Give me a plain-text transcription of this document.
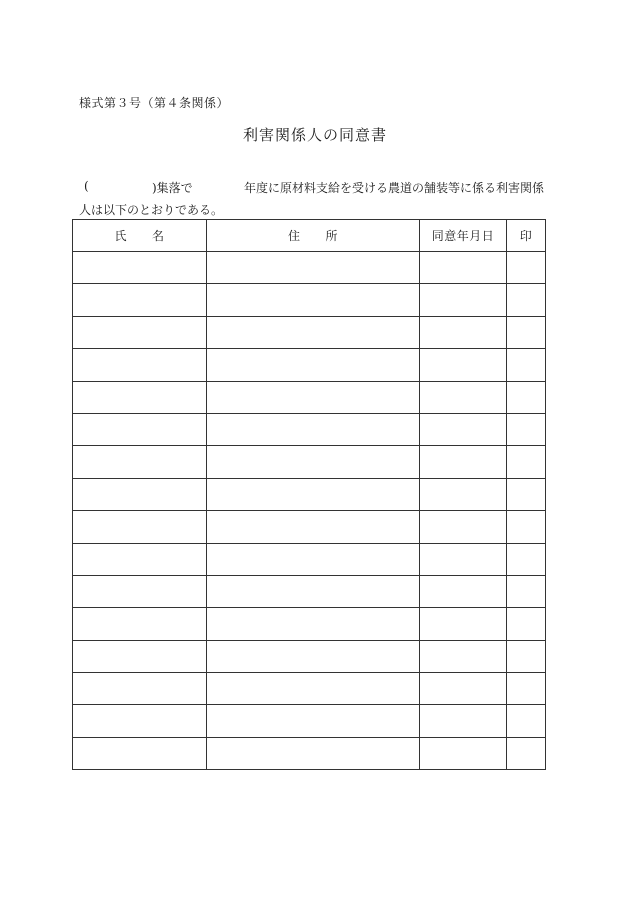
様式第３号（第４条関係）
利害関係人の同意書
(	)集落で	年度に原材料支給を受ける農道の舗装等に係る利害関係
人は以下のとおりである。
氏　　名	住　　所	同意年月日	印
